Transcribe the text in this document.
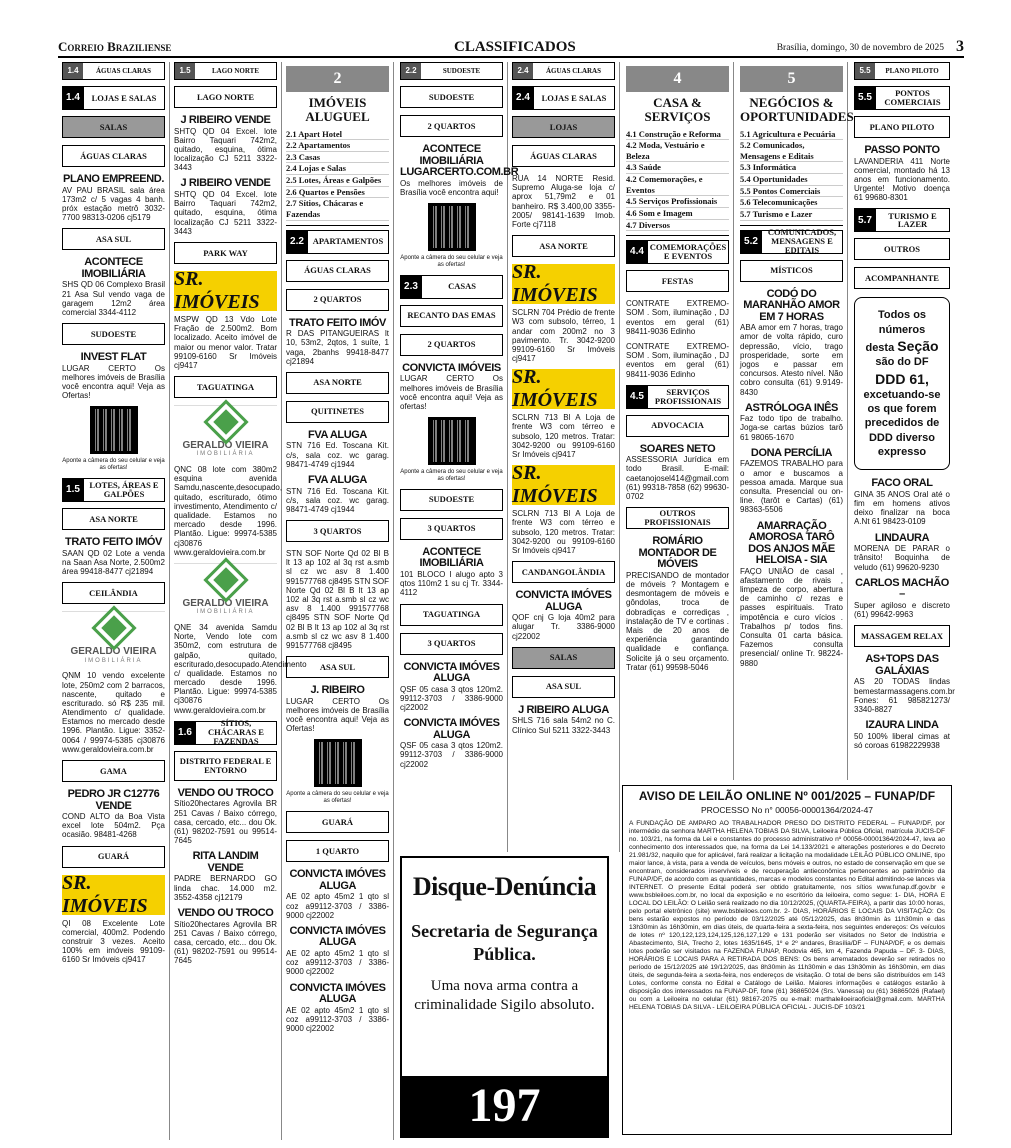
Correio Braziliense	CLASSIFICADOS	Brasília, domingo, 30 de novembro de 2025 3
1.4	ÁGUAS CLARAS
1.4	LOJAS E SALAS
SALAS
ÁGUAS CLARAS
PLANO EMPREEND.
AV PAU BRASIL sala área 173m2 c/ 5 vagas 4 banh. próx estação metrô 3032-7700 98313-0206 cj5179
ASA SUL
ACONTECE IMOBILIÁRIA
SHS QD 06 Complexo Brasil 21 Asa Sul vendo vaga de garagem 12m2 área comercial 3344-4112
SUDOESTE
INVEST FLAT
LUGAR CERTO Os melhores imóveis de Brasília você encontra aqui! Veja as Ofertas!
Aponte a câmera do seu celular e veja as ofertas!
1.5	LOTES, ÁREAS E GALPÕES
ASA NORTE
TRATO FEITO IMÓV
SAAN QD 02 Lote a venda na Saan Asa Norte, 2.500m2 área 99418-8477 cj21894
CEILÂNDIA
GERALDO VIEIRA
IMOBILIÁRIA
QNM 10 vendo excelente lote, 250m2 com 2 barracos, nascente, quitado e escriturado. só R$ 235 mil. Atendimento c/ qualidade. Estamos no mercado desde 1996. Plantão. Ligue: 3352-0064 / 99974-5385 cj30876 www.geraldovieira.com.br
GAMA
PEDRO JR C12776 VENDE
COND ALTO da Boa Vista excel lote 504m2. Pça ocasião. 98481-4268
GUARÁ
SR. IMÓVEIS
QI 08 Excelente Lote comercial, 400m2. Podendo construir 3 vezes. Aceito 100% em imóveis 99109-6160 Sr Imóveis cj9417
1.5	LAGO NORTE
LAGO NORTE
J RIBEIRO VENDE
SHTQ QD 04 Excel. lote Bairro Taquari 742m2, quitado, esquina, ótima localização CJ 5211 3322-3443
J RIBEIRO VENDE
SHTQ QD 04 Excel. lote Bairro Taquari 742m2, quitado, esquina, ótima localização CJ 5211 3322-3443
PARK WAY
SR. IMÓVEIS
MSPW QD 13 Vdo Lote Fração de 2.500m2. Bom localizado. Aceito imóvel de maior ou menor valor. Tratar 99109-6160 Sr Imóveis cj9417
TAGUATINGA
GERALDO VIEIRA
IMOBILIÁRIA
QNC 08 lote com 380m2 esquina avenida Samdu,nascente,desocupado, quitado, escriturado, ótimo investimento, Atendimento c/ qualidade. Estamos no mercado desde 1996. Plantão. Ligue: 99974-5385 cj30876 www.geraldovieira.com.br
GERALDO VIEIRA
IMOBILIÁRIA
QNE 34 avenida Samdu Norte, Vendo lote com 350m2, com estrutura de galpão, quitado, escriturado,desocupado.Atendimento c/ qualidade. Estamos no mercado desde 1996. Plantão. Ligue: 99974-5385 cj30876 www.geraldovieira.com.br
1.6
SÍTIOS, CHÁCARAS E FAZENDAS
DISTRITO FEDERAL E ENTORNO
VENDO OU TROCO
Sítio20hectares Agrovila BR 251 Cavas / Baixo córrego, casa, cercado, etc... dou Ok. (61) 98202-7591 ou 99514-7645
RITA LANDIM VENDE
PADRE BERNARDO GO linda chac. 14.000 m2. 3552-4358 cj12179
VENDO OU TROCO
Sítio20hectares Agrovila BR 251 Cavas / Baixo córrego, casa, cercado, etc... dou Ok. (61) 98202-7591 ou 99514-7645
2
IMÓVEIS ALUGUEL
2.1 Apart Hotel
2.2 Apartamentos
2.3 Casas
2.4 Lojas e Salas
2.5 Lotes, Áreas e Galpões
2.6 Quartos e Pensões
2.7 Sítios, Chácaras e Fazendas
2.2	APARTAMENTOS
ÁGUAS CLARAS
2 QUARTOS
TRATO FEITO IMÓV
R DAS PITANGUEIRAS lt 10, 53m2, 2qtos, 1 suíte, 1 vaga, 2banhs 99418-8477 cj21894
ASA NORTE
QUITINETES
FVA ALUGA
STN 716 Ed. Toscana Kit. c/s, sala coz. wc garag. 98471-4749 cj1944
FVA ALUGA
STN 716 Ed. Toscana Kit. c/s, sala coz. wc garag. 98471-4749 cj1944
3 QUARTOS
STN SOF Norte Qd 02 Bl B lt 13 ap 102 al 3q rst a.smb sl cz wc asv 8 1.400 991577768 cj8495 STN SOF Norte Qd 02 Bl B lt 13 ap 102 al 3q rst a.smb sl cz wc asv 8 1.400 991577768 cj8495 STN SOF Norte Qd 02 Bl B lt 13 ap 102 al 3q rst a.smb sl cz wc asv 8 1.400 991577768 cj8495
ASA SUL
J. RIBEIRO
LUGAR CERTO Os melhores imóveis de Brasília você encontra aqui! Veja as Ofertas!
Aponte a câmera do seu celular e veja as ofertas!
GUARÁ
1 QUARTO
CONVICTA IMÓVES ALUGA
AE 02 apto 45m2 1 qto sl coz a99112-3703 / 3386-9000 cj22002
CONVICTA IMÓVES ALUGA
AE 02 apto 45m2 1 qto sl coz a99112-3703 / 3386-9000 cj22002
CONVICTA IMÓVES ALUGA
AE 02 apto 45m2 1 qto sl coz a99112-3703 / 3386-9000 cj22002
2.2	SUDOESTE
SUDOESTE
2 QUARTOS
ACONTECE IMOBILIÁRIA LUGARCERTO.COM.BR
Os melhores imóveis de Brasília você encontra aqui!
Aponte a câmera do seu celular e veja as ofertas!
2.3	CASAS
RECANTO DAS EMAS
2 QUARTOS
CONVICTA IMÓVEIS
LUGAR CERTO Os melhores imóveis de Brasília você encontra aqui! Veja as ofertas!
Aponte a câmera do seu celular e veja as ofertas!
SUDOESTE
3 QUARTOS
ACONTECE IMOBILIÁRIA
101 BLOCO I alugo apto 3 qtos 110m2 1 su cj Tr. 3344-4112
TAGUATINGA
3 QUARTOS
CONVICTA IMÓVES ALUGA
QSF 05 casa 3 qtos 120m2. 99112-3703 / 3386-9000 cj22002
CONVICTA IMÓVES ALUGA
QSF 05 casa 3 qtos 120m2. 99112-3703 / 3386-9000 cj22002
2.4	ÁGUAS CLARAS
2.4	LOJAS E SALAS
LOJAS
ÁGUAS CLARAS
RUA 14 NORTE Resid. Supremo Aluga-se loja c/ aprox 51,79m2 e 01 banheiro. R$ 3.400,00 3355-2005/ 98141-1639 Imob. Forte cj7118
ASA NORTE
SR. IMÓVEIS
SCLRN 704 Prédio de frente W3 com subsolo, térreo, 1 andar com 200m2 no 3 pavimento. Tr. 3042-9200 99109-6160 Sr Imóveis cj9417
SR. IMÓVEIS
SCLRN 713 Bl A Loja de frente W3 com térreo e subsolo, 120 metros. Tratar: 3042-9200 ou 99109-6160 Sr Imóveis cj9417
SR. IMÓVEIS
SCLRN 713 Bl A Loja de frente W3 com térreo e subsolo, 120 metros. Tratar: 3042-9200 ou 99109-6160 Sr Imóveis cj9417
CANDANGOLÂNDIA
CONVICTA IMÓVES ALUGA
QOF cnj G loja 40m2 para alugar Tr. 3386-9000 cj22002
SALAS
ASA SUL
J RIBEIRO ALUGA
SHLS 716 sala 54m2 no C. Clínico Sul 5211 3322-3443
4
CASA & SERVIÇOS
4.1 Construção e Reforma
4.2 Moda, Vestuário e Beleza
4.3 Saúde
4.2 Comemorações, e Eventos
4.5 Serviços Profissionais
4.6 Som e Imagem
4.7 Diversos
4.4 COMEMORAÇÕES E EVENTOS
FESTAS
CONTRATE EXTREMO-SOM . Som, iluminação , DJ eventos em geral (61) 98411-9036 Edinho
CONTRATE EXTREMO-SOM . Som, iluminação , DJ eventos em geral (61) 98411-9036 Edinho
4.5	SERVIÇOS PROFISSIONAIS
ADVOCACIA
SOARES NETO
ASSESSORIA Jurídica em todo Brasil. E-mail: caetanojosel414@gmail.com (61) 99318-7858 (62) 99630-0702
OUTROS PROFISSIONAIS
ROMÁRIO MONTADOR DE MÓVEIS
PRECISANDO de montador de móveis ? Montagem e desmontagem de móveis e gôndolas, troca de dobradiças e corrediças , instalação de TV e cortinas . Mais de 20 anos de experiência garantindo qualidade e confiança. Solicite já o seu orçamento. Tratar (61) 99598-5046
5
NEGÓCIOS & OPORTUNIDADES
5.1 Agricultura e Pecuária
5.2 Comunicados, Mensagens e Editais
5.3 Informática
5.4 Oportunidades
5.5 Pontos Comerciais
5.6 Telecomunicações
5.7 Turismo e Lazer
5.2
COMUNICADOS, MENSAGENS E EDITAIS
MÍSTICOS
CODÓ DO MARANHÃO AMOR EM 7 HORAS
ABA amor em 7 horas, trago amor de volta rápido, curo depressão, vício, trago prosperidade, sorte em jogos e passar em concursos. Atesto nível. Não cobro consulta (61) 9.9149-8430
ASTRÓLOGA INÊS
Faz todo tipo de trabalho. Joga-se cartas búzios tarô 61 98065-1670
DONA PERCÍLIA
FAZEMOS TRABALHO para o amor e buscamos a pessoa amada. Marque sua consulta. Presencial ou on-line. (tarôt e Cartas) (61) 98363-5506
AMARRAÇÃO AMOROSA TARÔ DOS ANJOS MÃE HELOISA - SIA
FAÇO UNIÃO de casal , afastamento de rivais , limpeza de corpo, abertura de caminho c/ rezas e passes espirituais. Trato impotência e curo vícios . Trabalhos p/ todos fins. Consulta 01 carta básica. Fazemos consulta presencial/ online Tr. 98224-9880
5.5	PLANO PILOTO
5.5	PONTOS COMERCIAIS
PLANO PILOTO
PASSO PONTO
LAVANDERIA 411 Norte comercial, montado há 13 anos em funcionamento. Urgente! Motivo doença 61 99680-8301
5.7	TURISMO E LAZER
OUTROS
ACOMPANHANTE
Todos os números
desta Seção
são do DF
DDD 61,
excetuando-se os que forem precedidos de DDD diverso expresso
FACO ORAL
GINA 35 ANOS Oral até o fim em homens ativos deixo finalizar na boca A.Nt 61 98423-0109
LINDAURA
MORENA DE PARAR o trânsito! Boquinha de veludo (61) 99620-9230
CARLOS MACHÃO –
Super agiloso e discreto (61) 99642-9963
MASSAGEM RELAX
AS+TOPS DAS GALÁXIAS
AS 20 TODAS lindas bemestarmassagens.com.br Fones: 61 985821273/ 3340-8827
IZAURA LINDA
50 100% liberal cimas at só coroas 61982229938
Disque-Denúncia
Secretaria de Segurança Pública.
Uma nova arma contra a criminalidade Sigilo absoluto.
197
AVISO DE LEILÃO ONLINE Nº 001/2025 – FUNAP/DF
PROCESSO No n° 00056-00001364/2024-47
A FUNDAÇÃO DE AMPARO AO TRABALHADOR PRESO DO DISTRITO FEDERAL – FUNAP/DF, por intermédio da senhora MARTHA HELENA TOBIAS DA SILVA, Leiloeira Pública Oficial, matrícula JUCIS-DF no. 103/21, na forma da Lei e constantes do processo administrativo nº 00056-00001364/2024-47, leva ao conhecimento dos interessados que, na forma da Lei 14.133/2021 e alterações posteriores e do Decreto 21.981/32, naquilo que for aplicável, fará realizar a licitação na modalidade LEILÃO PÚBLICO ONLINE, tipo maior lance, à vista, para a venda de veículos, bens móveis e outros, no estado de conservação em que se encontram, considerados inservíveis e de recuperação antieconômica pertencentes ao patrimônio da FUNAP/DF, de acordo com as quantidades, marcas e modelos constantes no Edital admitindo-se lances via INTERNET. O presente Edital poderá ser obtido gratuitamente, nos sítios www.funap.df.gov.br e www.bsbleiloes.com.br, no local da exposição e no escritório da leiloeira, como segue: 1- DIA, HORA E LOCAL DO LEILÃO: O Leilão será realizado no dia 10/12/2025, (QUARTA-FEIRA), a partir das 10:00 horas, pelo portal eletrônico (site) www.bsbleiloes.com.br. 2- DIAS, HORÁRIOS E LOCAIS DA VISITAÇÃO: Os bens estarão expostos no período de 03/12/2025 até 05/12/2025, das 8h30min às 11h30min e das 13h30min às 16h30min, em dias úteis, de quarta-feira a sexta-feira, nos seguintes endereços: Os veículos de lotes nº 120,122,123,124,125,126,127,129 e 131 poderão ser visitados no Setor de Indústria e Abastecimento, SIA, Trecho 2, lotes 1635/1645, 1º e 2º andares, Brasília/DF – FUNAP/DF, e os demais lotes poderão ser visitados na FAZENDA FUNAP, Rodovia 465, km 4, Fazenda Papuda – DF. 3- DIAS, HORÁRIOS E LOCAIS PARA A RETIRADA DOS BENS: Os bens arrematados deverão ser retirados no período de 15/12/2025 até 19/12/2025, das 8h30min às 11h30min e das 13h30min às 16h30min, em dias úteis, de segunda-feira a sexta-feira, nos endereços de visitação. O total de bens são distribuídos em 143 Lotes, conforme consta no Edital e Catálogo de Leilão. Maiores informações e catálogos estarão à disposição dos interessados na FUNAP-DF, fone (61) 36865024 (Srs. Vanessa) ou (61) 36865026 (Rafael) ou com a Leiloeira no celular (61) 98167-2075 ou e-mail: marthaleiloeiraoficial@gmail.com. MARTHA HELENA TOBIAS DA SILVA - LEILOEIRA PÚBLICA OFICIAL - JUCIS-DF 103/21
